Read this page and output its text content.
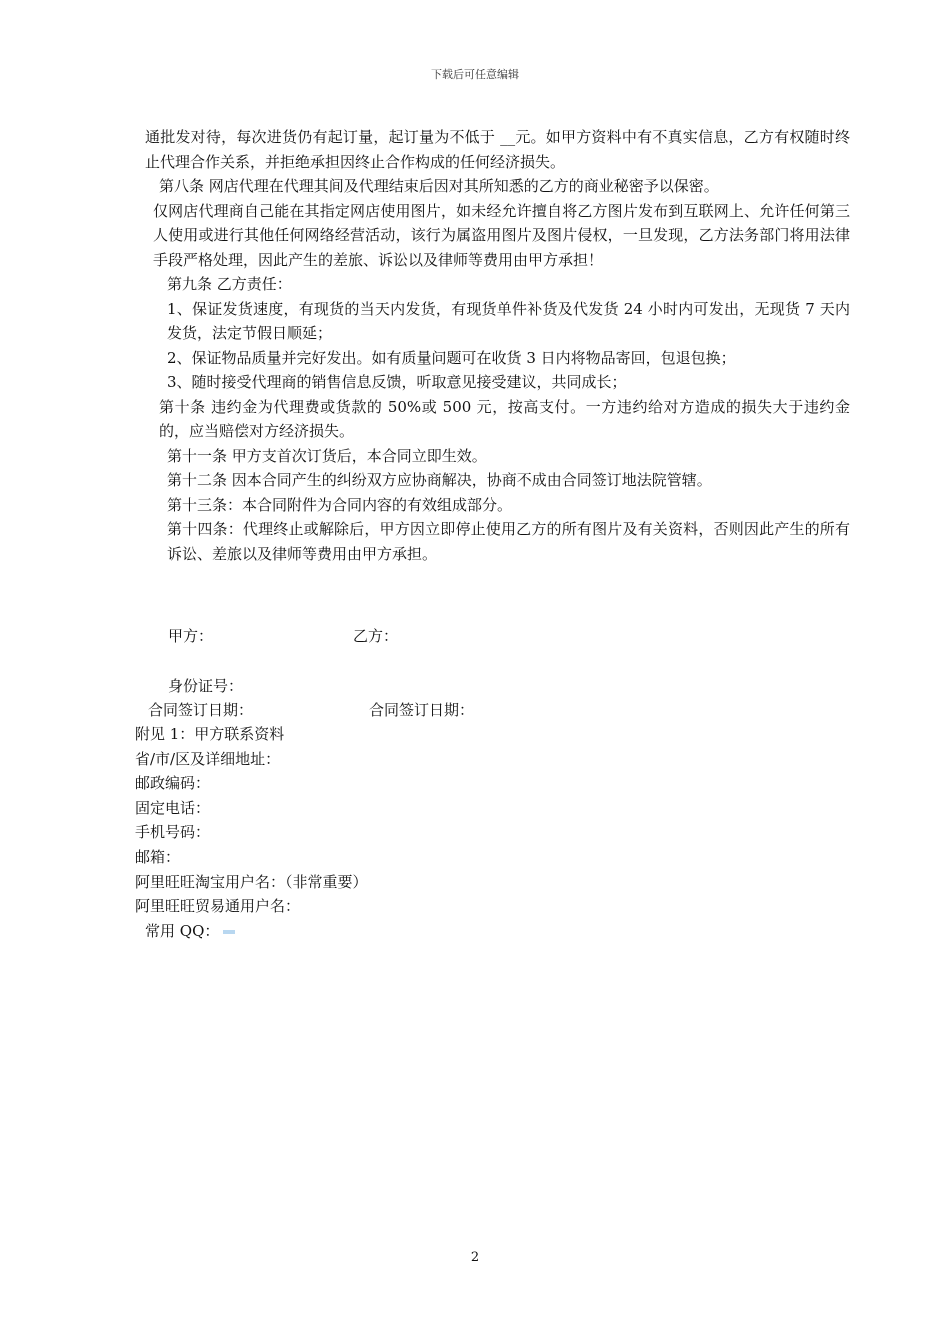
下载后可任意编辑

通批发对待，每次进货仍有起订量，起订量为不低于 __元。如甲方资料中有不真实信息，乙方有权随时终止代理合作关系，并拒绝承担因终止合作构成的任何经济损失。

第八条 网店代理在代理其间及代理结束后因对其所知悉的乙方的商业秘密予以保密。

仅网店代理商自己能在其指定网店使用图片，如未经允许擅自将乙方图片发布到互联网上、允许任何第三人使用或进行其他任何网络经营活动，该行为属盗用图片及图片侵权，一旦发现，乙方法务部门将用法律手段严格处理，因此产生的差旅、诉讼以及律师等费用由甲方承担！

第九条 乙方责任：

1、保证发货速度，有现货的当天内发货，有现货单件补货及代发货 24 小时内可发出，无现货 7 天内发货，法定节假日顺延；

2、保证物品质量并完好发出。如有质量问题可在收货 3 日内将物品寄回，包退包换；

3、随时接受代理商的销售信息反馈，听取意见接受建议，共同成长；

第十条 违约金为代理费或货款的 50%或 500 元，按高支付。一方违约给对方造成的损失大于违约金的，应当赔偿对方经济损失。

第十一条 甲方支首次订货后，本合同立即生效。

第十二条 因本合同产生的纠纷双方应协商解决，协商不成由合同签订地法院管辖。

第十三条：本合同附件为合同内容的有效组成部分。

第十四条：代理终止或解除后，甲方因立即停止使用乙方的所有图片及有关资料，否则因此产生的所有诉讼、差旅以及律师等费用由甲方承担。

甲方：	乙方：
身份证号：
合同签订日期：	合同签订日期：

附见 1：甲方联系资料

省/市/区及详细地址：

邮政编码：

固定电话：

手机号码：

邮箱：

阿里旺旺淘宝用户名：（非常重要）

阿里旺旺贸易通用户名：

常用 QQ：

2
